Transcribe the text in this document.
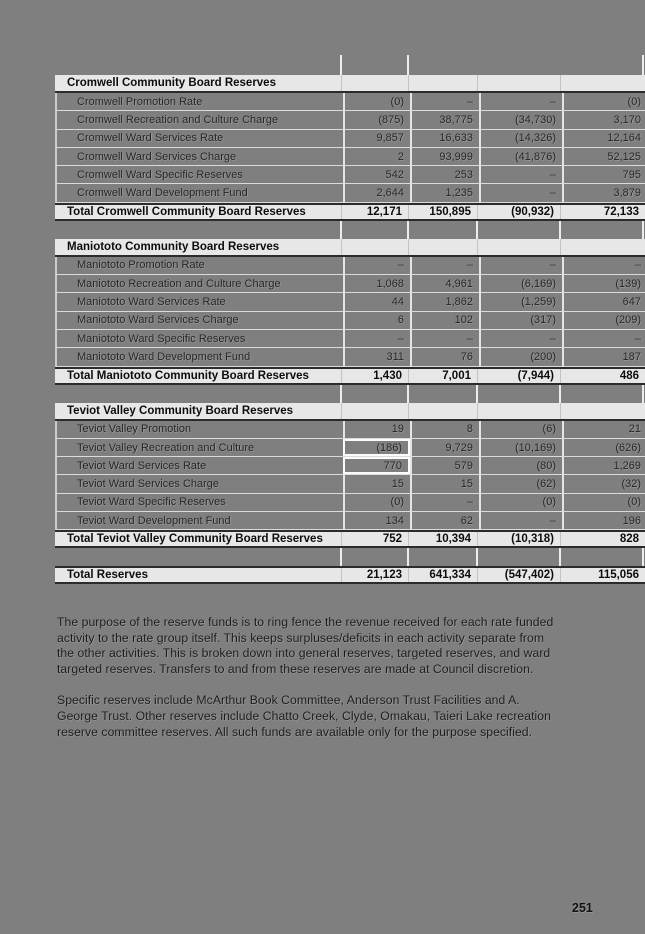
Cromwell Community Board Reserves
Cromwell Promotion Rate	(0)	–	–	(0)
Cromwell Recreation and Culture Charge	(875)	38,775	(34,730)	3,170
Cromwell Ward Services Rate	9,857	16,633	(14,326)	12,164
Cromwell Ward Services Charge	2	93,999	(41,876)	52,125
Cromwell Ward Specific Reserves	542	253	–	795
Cromwell Ward Development Fund	2,644	1,235	–	3,879
Total Cromwell Community Board Reserves	12,171	150,895	(90,932)	72,133
Maniototo Community Board Reserves
Maniototo Promotion Rate	–	–	–	–
Maniototo Recreation and Culture Charge	1,068	4,961	(6,169)	(139)
Maniototo Ward Services Rate	44	1,862	(1,259)	647
Maniototo Ward Services Charge	6	102	(317)	(209)
Maniototo Ward Specific Reserves	–	–	–	–
Maniototo Ward Development Fund	311	76	(200)	187
Total Maniototo Community Board Reserves	1,430	7,001	(7,944)	486
Teviot Valley Community Board Reserves
Teviot Valley Promotion	19	8	(6)	21
Teviot Valley Recreation and Culture	(186)	9,729	(10,169)	(626)
Teviot Ward Services Rate	770	579	(80)	1,269
Teviot Ward Services Charge	15	15	(62)	(32)
Teviot Ward Specific Reserves	(0)	–	(0)	(0)
Teviot Ward Development Fund	134	62	–	196
Total Teviot Valley Community Board Reserves	752	10,394	(10,318)	828
Total Reserves	21,123	641,334	(547,402)	115,056
The purpose of the reserve funds is to ring fence the revenue received for each rate funded
activity to the rate group itself. This keeps surpluses/deficits in each activity separate from
the other activities. This is broken down into general reserves, targeted reserves, and ward
targeted reserves. Transfers to and from these reserves are made at Council discretion.
Specific reserves include McArthur Book Committee, Anderson Trust Facilities and A.
George Trust. Other reserves include Chatto Creek, Clyde, Omakau, Taieri Lake recreation
reserve committee reserves. All such funds are available only for the purpose specified.
251
